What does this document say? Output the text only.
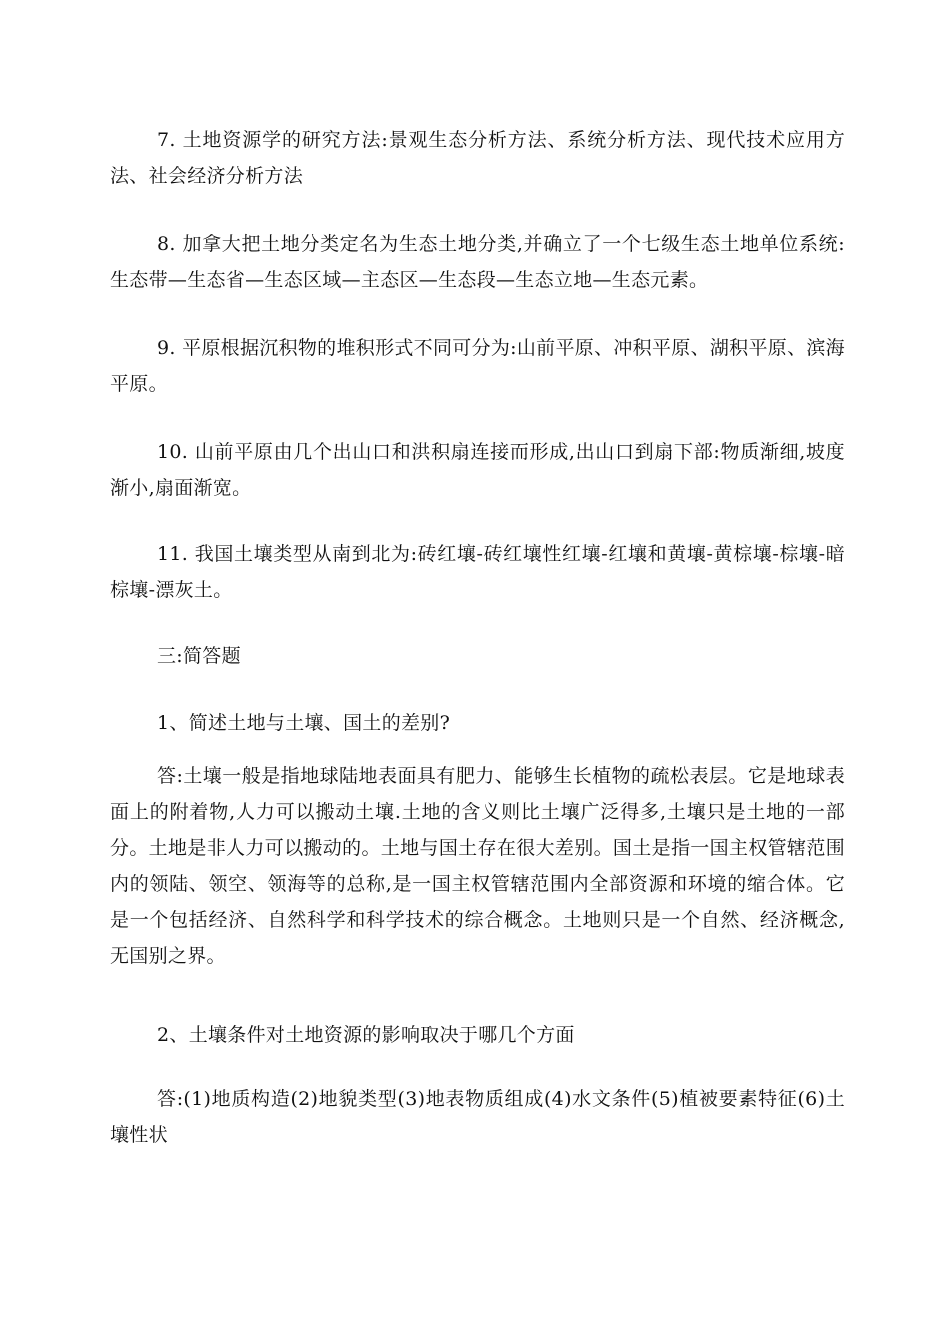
7. 土地资源学的研究方法:景观生态分析方法、系统分析方法、现代技术应用方法、社会经济分析方法

8. 加拿大把土地分类定名为生态土地分类,并确立了一个七级生态土地单位系统:生态带—生态省—生态区域—主态区—生态段—生态立地—生态元素。

9. 平原根据沉积物的堆积形式不同可分为:山前平原、冲积平原、湖积平原、滨海平原。

10. 山前平原由几个出山口和洪积扇连接而形成,出山口到扇下部:物质渐细,坡度渐小,扇面渐宽。

11. 我国土壤类型从南到北为:砖红壤-砖红壤性红壤-红壤和黄壤-黄棕壤-棕壤-暗棕壤-漂灰土。

三:简答题

1、简述土地与土壤、国土的差别?

答:土壤一般是指地球陆地表面具有肥力、能够生长植物的疏松表层。它是地球表面上的附着物,人力可以搬动土壤.土地的含义则比土壤广泛得多,土壤只是土地的一部分。土地是非人力可以搬动的。土地与国土存在很大差别。国土是指一国主权管辖范围内的领陆、领空、领海等的总称,是一国主权管辖范围内全部资源和环境的缩合体。它是一个包括经济、自然科学和科学技术的综合概念。土地则只是一个自然、经济概念,无国别之界。

2、土壤条件对土地资源的影响取决于哪几个方面

答:(1)地质构造(2)地貌类型(3)地表物质组成(4)水文条件(5)植被要素特征(6)土壤性状
